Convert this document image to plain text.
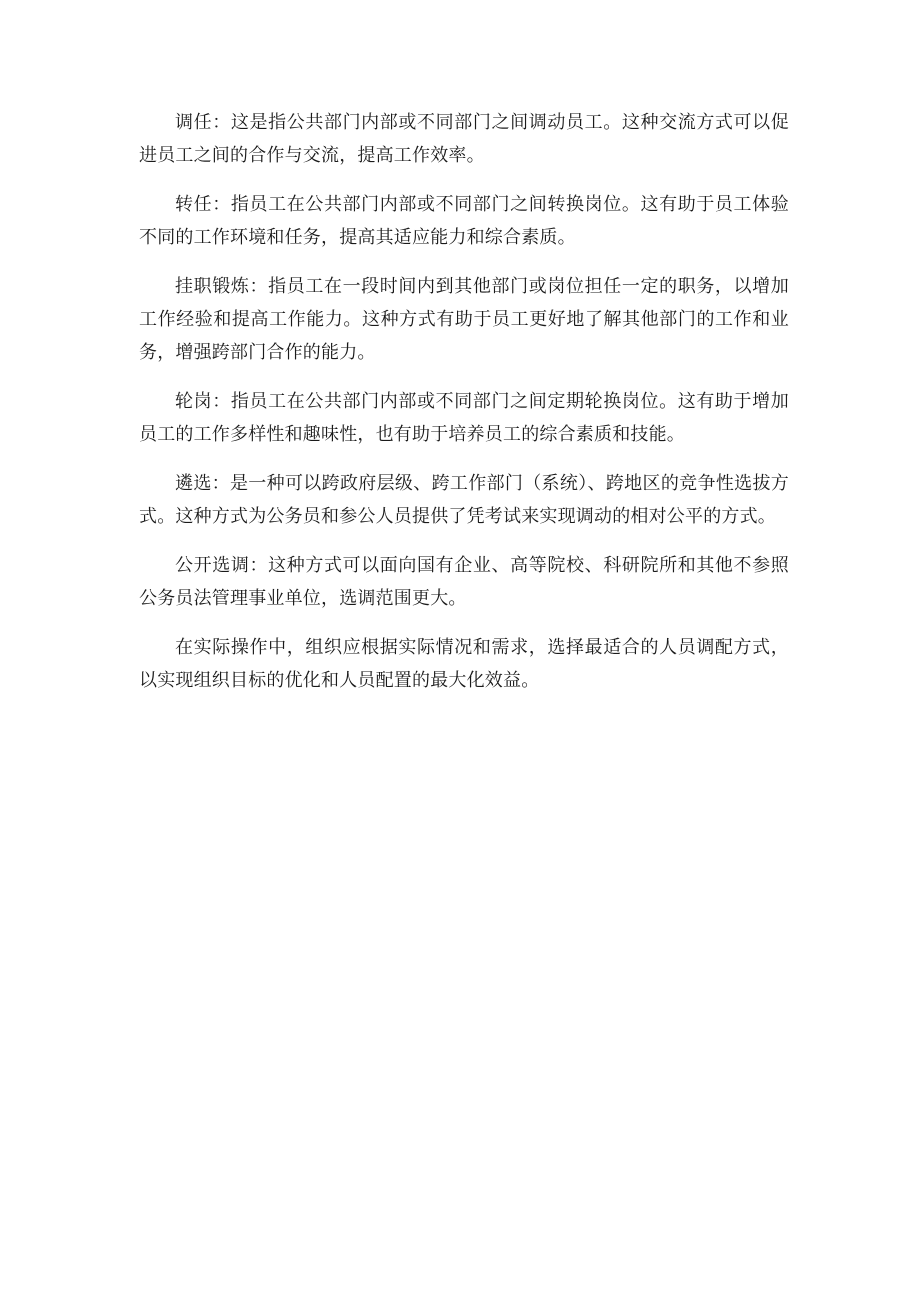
调任：这是指公共部门内部或不同部门之间调动员工。这种交流方式可以促进员工之间的合作与交流，提高工作效率。

转任：指员工在公共部门内部或不同部门之间转换岗位。这有助于员工体验不同的工作环境和任务，提高其适应能力和综合素质。

挂职锻炼：指员工在一段时间内到其他部门或岗位担任一定的职务，以增加工作经验和提高工作能力。这种方式有助于员工更好地了解其他部门的工作和业务，增强跨部门合作的能力。

轮岗：指员工在公共部门内部或不同部门之间定期轮换岗位。这有助于增加员工的工作多样性和趣味性，也有助于培养员工的综合素质和技能。

遴选：是一种可以跨政府层级、跨工作部门（系统）、跨地区的竞争性选拔方式。这种方式为公务员和参公人员提供了凭考试来实现调动的相对公平的方式。

公开选调：这种方式可以面向国有企业、高等院校、科研院所和其他不参照公务员法管理事业单位，选调范围更大。

在实际操作中，组织应根据实际情况和需求，选择最适合的人员调配方式，以实现组织目标的优化和人员配置的最大化效益。
